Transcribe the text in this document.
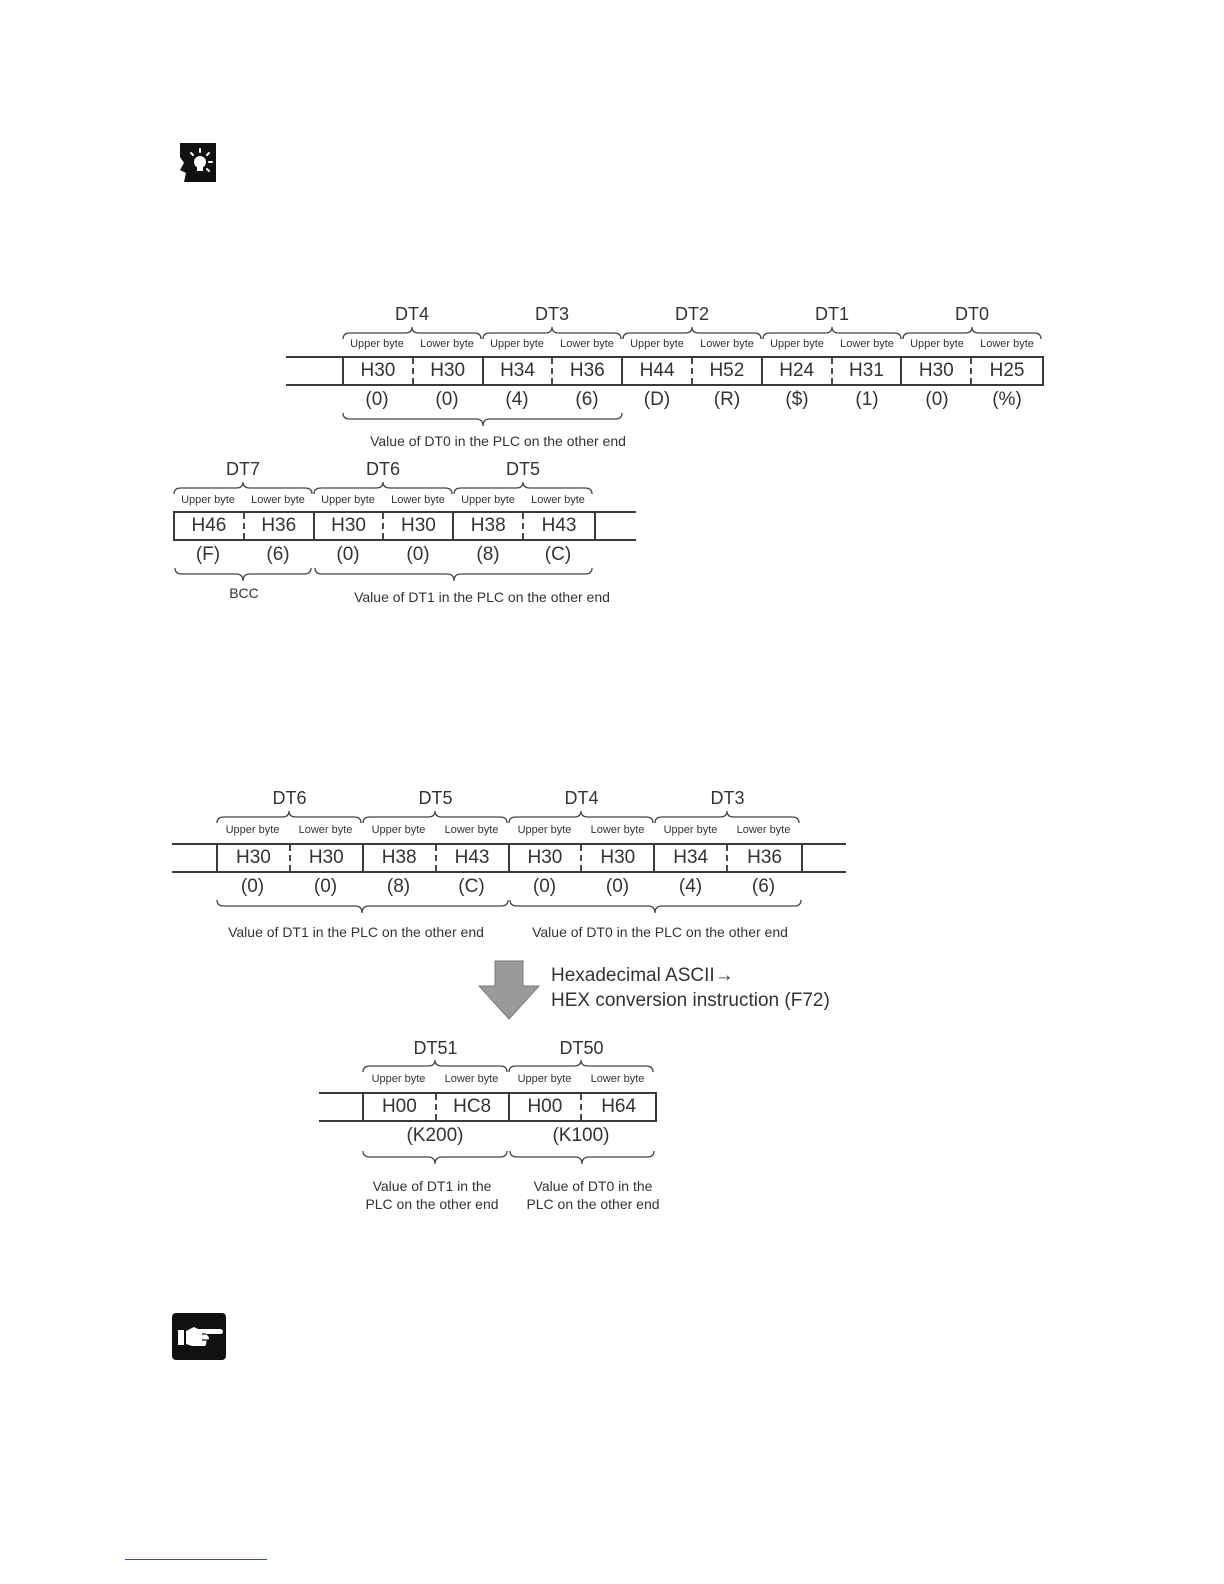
H30	H30	H34	H36	H44	H52	H24	H31	H30	H25
DT4	DT3	DT2	DT1	DT0
Upper byte	Lower byte	Upper byte	Lower byte	Upper byte	Lower byte	Upper byte	Lower byte	Upper byte	Lower byte
(0)	(0)	(4)	(6)	(D)	(R)	($)	(1)	(0)	(%)
Value of DT0 in the PLC on the other end
H46	H36	H30	H30	H38	H43
DT7	DT6	DT5
Upper byte	Lower byte	Upper byte	Lower byte	Upper byte	Lower byte
(F)	(6)	(0)	(0)	(8)	(C)
BCC	Value of DT1 in the PLC on the other end
H30	H30	H38	H43	H30	H30	H34	H36
DT6	DT5	DT4	DT3
Upper byte	Lower byte	Upper byte	Lower byte	Upper byte	Lower byte	Upper byte	Lower byte
(0)	(0)	(8)	(C)	(0)	(0)	(4)	(6)
Value of DT1 in the PLC on the other end	Value of DT0 in the PLC on the other end
Hexadecimal ASCII→
HEX conversion instruction (F72)
H00	HC8	H00	H64
DT51	DT50
Upper byte	Lower byte	Upper byte	Lower byte
(K200)	(K100)
Value of DT1 in the
PLC on the other end
Value of DT0 in the
PLC on the other end
